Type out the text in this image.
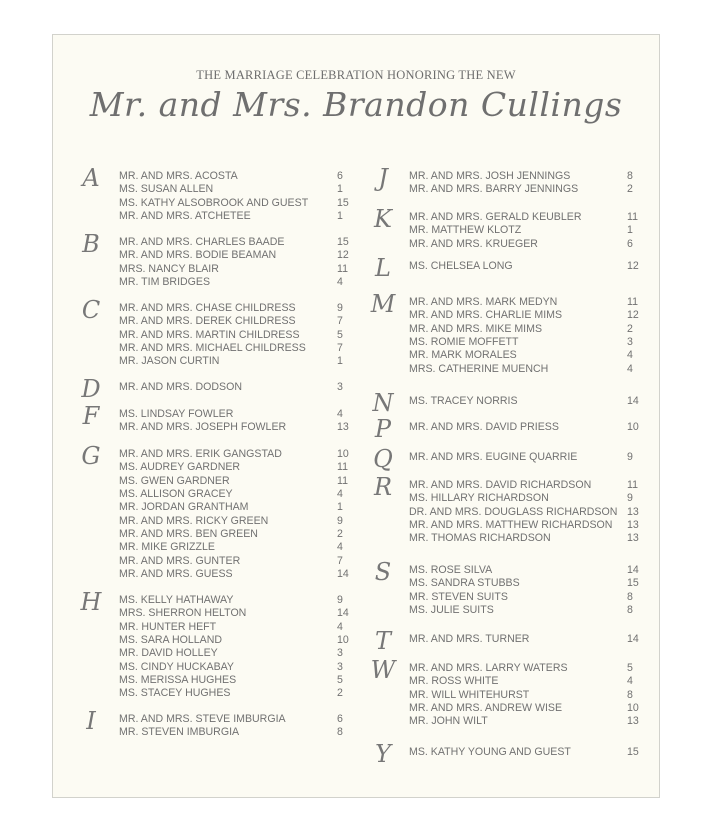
THE MARRIAGE CELEBRATION HONORING THE NEW
Mr. and Mrs. Brandon Cullings
A	MR. AND MRS. ACOSTA	6
MS. SUSAN ALLEN	1
MS. KATHY ALSOBROOK AND GUEST	15
MR. AND MRS. ATCHETEE	1
B	MR. AND MRS. CHARLES BAADE	15
MR. AND MRS. BODIE BEAMAN	12
MRS. NANCY BLAIR	11
MR. TIM BRIDGES	4
C	MR. AND MRS. CHASE CHILDRESS	9
MR. AND MRS. DEREK CHILDRESS	7
MR. AND MRS. MARTIN CHILDRESS	5
MR. AND MRS. MICHAEL CHILDRESS	7
MR. JASON CURTIN	1
D	MR. AND MRS. DODSON	3
F	MS. LINDSAY FOWLER	4
MR. AND MRS. JOSEPH FOWLER	13
G	MR. AND MRS. ERIK GANGSTAD	10
MS. AUDREY GARDNER	11
MS. GWEN GARDNER	11
MS. ALLISON GRACEY	4
MR. JORDAN GRANTHAM	1
MR. AND MRS. RICKY GREEN	9
MR. AND MRS. BEN GREEN	2
MR. MIKE GRIZZLE	4
MR. AND MRS. GUNTER	7
MR. AND MRS. GUESS	14
H	MS. KELLY HATHAWAY	9
MRS. SHERRON HELTON	14
MR. HUNTER HEFT	4
MS. SARA HOLLAND	10
MR. DAVID HOLLEY	3
MS. CINDY HUCKABAY	3
MS. MERISSA HUGHES	5
MS. STACEY HUGHES	2
I	MR. AND MRS. STEVE IMBURGIA	6
MR. STEVEN IMBURGIA	8
J	MR. AND MRS. JOSH JENNINGS	8
MR. AND MRS. BARRY JENNINGS	2
K	MR. AND MRS. GERALD KEUBLER	11
MR. MATTHEW KLOTZ	1
MR. AND MRS. KRUEGER	6
L	MS. CHELSEA LONG	12
M	MR. AND MRS. MARK MEDYN	11
MR. AND MRS. CHARLIE MIMS	12
MR. AND MRS. MIKE MIMS	2
MS. ROMIE MOFFETT	3
MR. MARK MORALES	4
MRS. CATHERINE MUENCH	4
N	MS. TRACEY NORRIS	14
P	MR. AND MRS. DAVID PRIESS	10
Q	MR. AND MRS. EUGINE QUARRIE	9
R	MR. AND MRS. DAVID RICHARDSON	11
MS. HILLARY RICHARDSON	9
DR. AND MRS. DOUGLASS RICHARDSON 13
MR. AND MRS. MATTHEW RICHARDSON 13
MR. THOMAS RICHARDSON	13
S	MS. ROSE SILVA	14
MS. SANDRA STUBBS	15
MR. STEVEN SUITS	8
MS. JULIE SUITS	8
T	MR. AND MRS. TURNER	14
W	MR. AND MRS. LARRY WATERS	5
MR. ROSS WHITE	4
MR. WILL WHITEHURST	8
MR. AND MRS. ANDREW WISE	10
MR. JOHN WILT	13
Y	MS. KATHY YOUNG AND GUEST	15
